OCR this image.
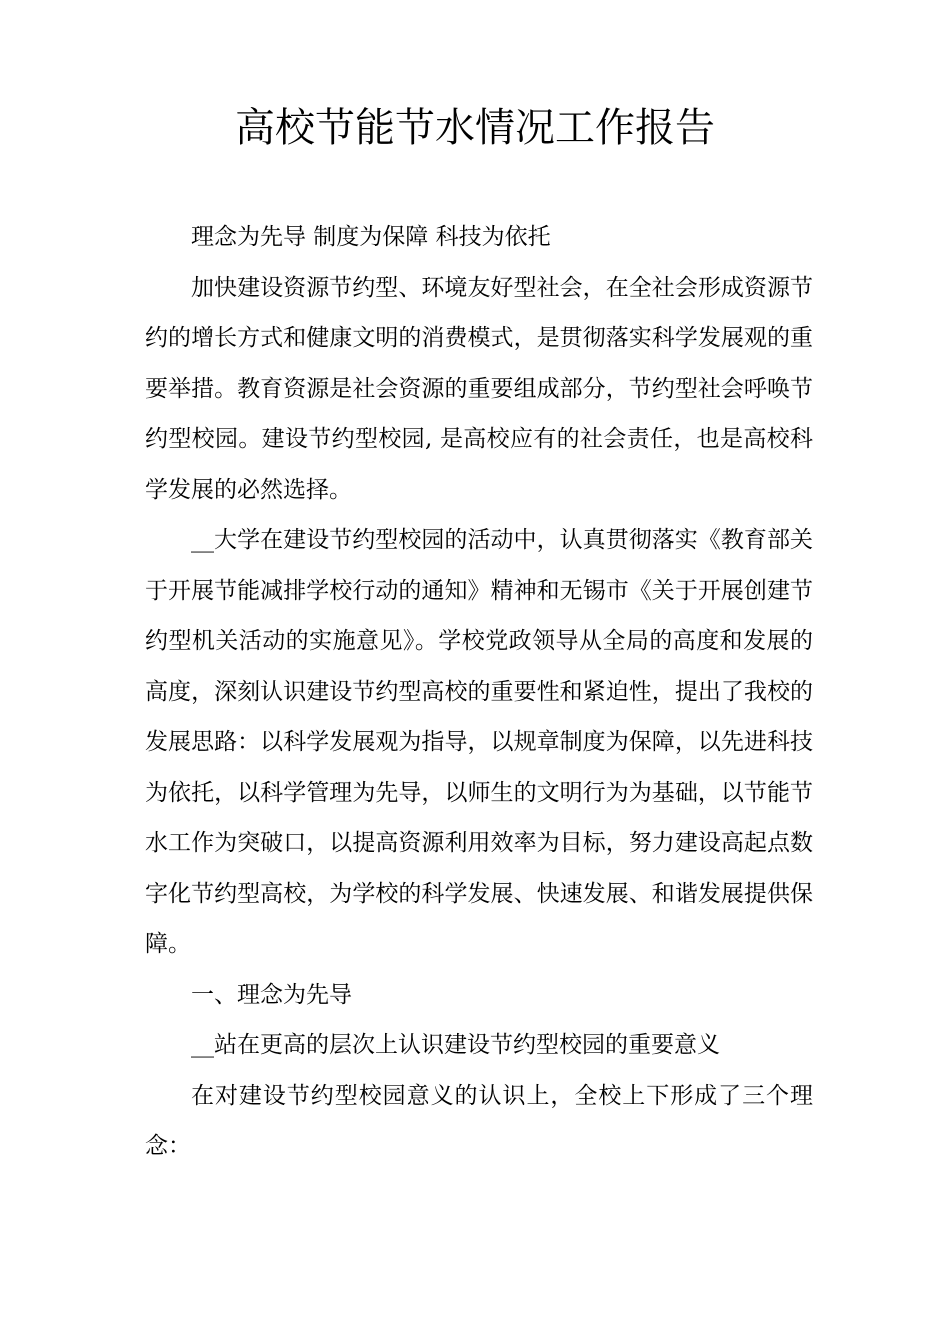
高校节能节水情况工作报告

理念为先导 制度为保障 科技为依托

加快建设资源节约型、环境友好型社会，在全社会形成资源节约的增长方式和健康文明的消费模式，是贯彻落实科学发展观的重要举措。教育资源是社会资源的重要组成部分，节约型社会呼唤节约型校园。建设节约型校园, 是高校应有的社会责任，也是高校科学发展的必然选择。

__大学在建设节约型校园的活动中，认真贯彻落实《教育部关于开展节能减排学校行动的通知》精神和无锡市《关于开展创建节约型机关活动的实施意见》。学校党政领导从全局的高度和发展的高度，深刻认识建设节约型高校的重要性和紧迫性，提出了我校的发展思路：以科学发展观为指导，以规章制度为保障，以先进科技为依托，以科学管理为先导，以师生的文明行为为基础，以节能节水工作为突破口，以提高资源利用效率为目标，努力建设高起点数字化节约型高校，为学校的科学发展、快速发展、和谐发展提供保障。

一、理念为先导

__站在更高的层次上认识建设节约型校园的重要意义

在对建设节约型校园意义的认识上，全校上下形成了三个理念：
